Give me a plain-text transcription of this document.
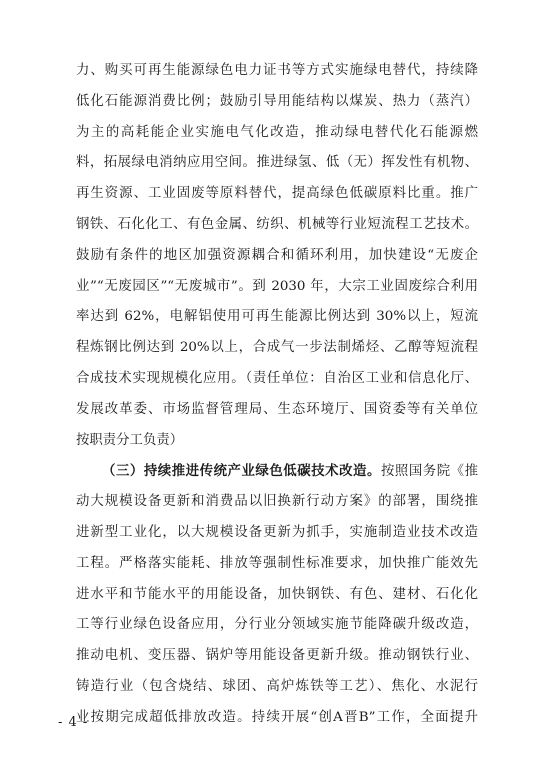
力、购买可再生能源绿色电力证书等方式实施绿电替代，持续降
低化石能源消费比例；鼓励引导用能结构以煤炭、热力（蒸汽）
为主的高耗能企业实施电气化改造，推动绿电替代化石能源燃
料，拓展绿电消纳应用空间。推进绿氢、低（无）挥发性有机物、
再生资源、工业固废等原料替代，提高绿色低碳原料比重。推广
钢铁、石化化工、有色金属、纺织、机械等行业短流程工艺技术。
鼓励有条件的地区加强资源耦合和循环利用，加快建设“无废企
业”“无废园区”“无废城市”。到 2030 年，大宗工业固废综合利用
率达到 62%，电解铝使用可再生能源比例达到 30%以上，短流
程炼钢比例达到 20%以上，合成气一步法制烯烃、乙醇等短流程
合成技术实现规模化应用。（责任单位：自治区工业和信息化厅、
发展改革委、市场监督管理局、生态环境厅、国资委等有关单位
按职责分工负责）
（三）持续推进传统产业绿色低碳技术改造。按照国务院《推
动大规模设备更新和消费品以旧换新行动方案》的部署，围绕推
进新型工业化，以大规模设备更新为抓手，实施制造业技术改造
工程。严格落实能耗、排放等强制性标准要求，加快推广能效先
进水平和节能水平的用能设备，加快钢铁、有色、建材、石化化
工等行业绿色设备应用，分行业分领域实施节能降碳升级改造，
推动电机、变压器、锅炉等用能设备更新升级。推动钢铁行业、
铸造行业（包含烧结、球团、高炉炼铁等工艺）、焦化、水泥行
业按期完成超低排放改造。持续开展“创A晋B”工作，全面提升
- 4 -
